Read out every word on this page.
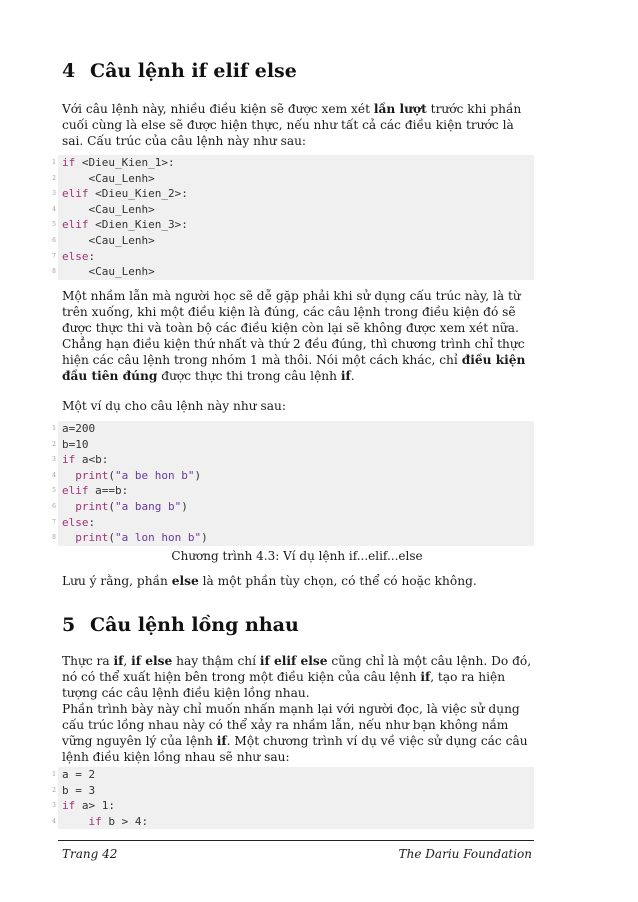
4 Câu lệnh if elif else

Với câu lệnh này, nhiều điều kiện sẽ được xem xét lần lượt trước khi phần cuối cùng là else sẽ được hiện thực, nếu như tất cả các điều kiện trước là sai. Cấu trúc của câu lệnh này như sau:

1 if <Dieu_Kien_1>:
2 <Cau_Lenh>
3 elif <Dieu_Kien_2>:
4 <Cau_Lenh>
5 elif <Dien_Kien_3>:
6 <Cau_Lenh>
7 else:
8 <Cau_Lenh>

Một nhầm lẫn mà người học sẽ dễ gặp phải khi sử dụng cấu trúc này, là từ trên xuống, khi một điều kiện là đúng, các câu lệnh trong điều kiện đó sẽ được thực thi và toàn bộ các điều kiện còn lại sẽ không được xem xét nữa. Chẳng hạn điều kiện thứ nhất và thứ 2 đều đúng, thì chương trình chỉ thực hiện các câu lệnh trong nhóm 1 mà thôi. Nói một cách khác, chỉ điều kiện đầu tiên đúng được thực thi trong câu lệnh if.

Một ví dụ cho câu lệnh này như sau:

1 a=200
2 b=10
3 if a<b:
4 print("a be hon b")
5 elif a==b:
6 print("a bang b")
7 else:
8 print("a lon hon b")

Chương trình 4.3: Ví dụ lệnh if...elif...else

Lưu ý rằng, phần else là một phần tùy chọn, có thể có hoặc không.

5 Câu lệnh lồng nhau

Thực ra if, if else hay thậm chí if elif else cũng chỉ là một câu lệnh. Do đó, nó có thể xuất hiện bên trong một điều kiện của câu lệnh if, tạo ra hiện tượng các câu lệnh điều kiện lồng nhau.

Phần trình bày này chỉ muốn nhấn mạnh lại với người đọc, là việc sử dụng cấu trúc lồng nhau này có thể xảy ra nhầm lẫn, nếu như bạn không nắm vững nguyên lý của lệnh if. Một chương trình ví dụ về việc sử dụng các câu lệnh điều kiện lồng nhau sẽ như sau:

1 a = 2
2 b = 3
3 if a> 1:
4	if b > 4:
Trang 42	The Dariu Foundation
